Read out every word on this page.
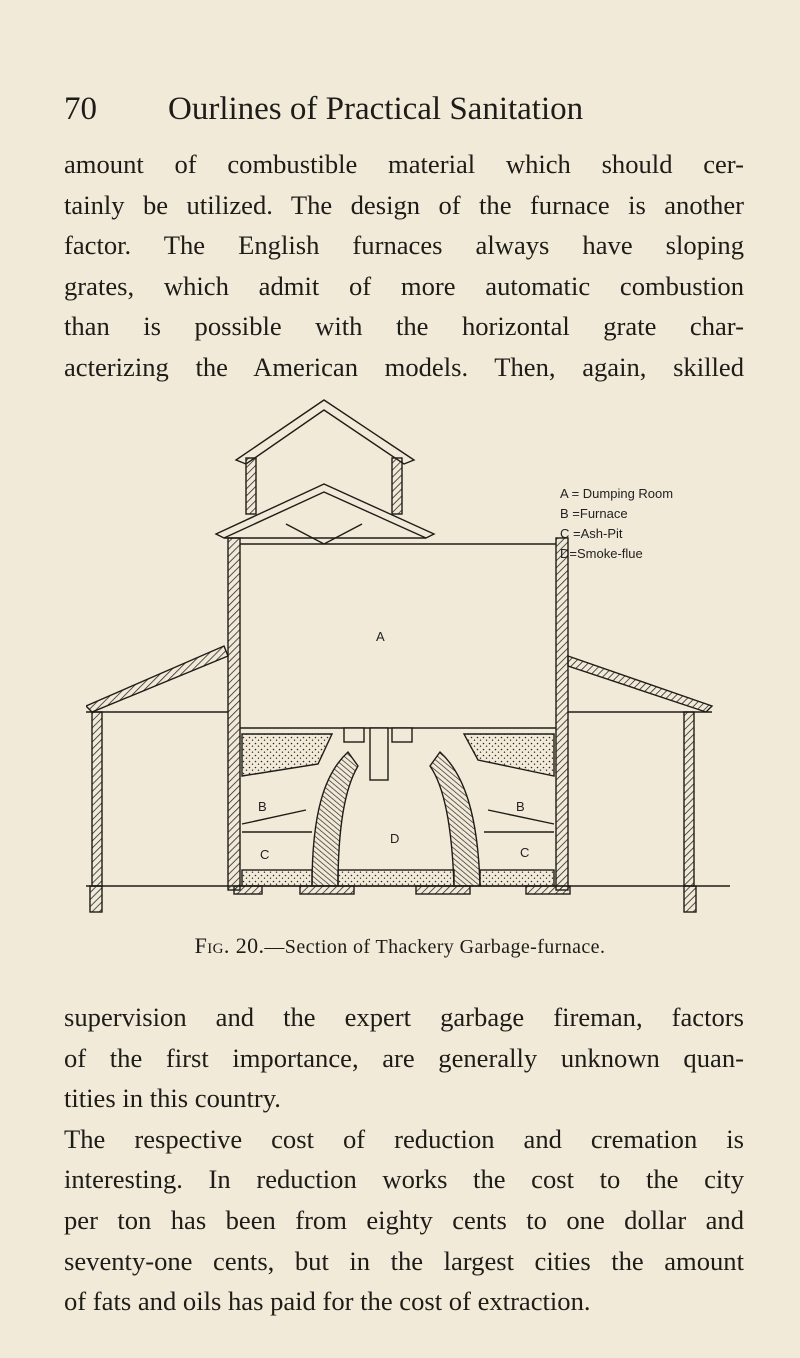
70 Ourlines of Practical Sanitation
amount of combustible material which should cer-
tainly be utilized. The design of the furnace is another
factor. The English furnaces always have sloping
grates, which admit of more automatic combustion
than is possible with the horizontal grate char-
acterizing the American models. Then, again, skilled
A = Dumping Room
B =Furnace
C =Ash-Pit
D=Smoke-flue
A
B	B
C	C
D
Fig. 20.—Section of Thackery Garbage-furnace.
supervision and the expert garbage fireman, factors
of the first importance, are generally unknown quan-
tities in this country.
The respective cost of reduction and cremation is
interesting. In reduction works the cost to the city
per ton has been from eighty cents to one dollar and
seventy-one cents, but in the largest cities the amount
of fats and oils has paid for the cost of extraction.
